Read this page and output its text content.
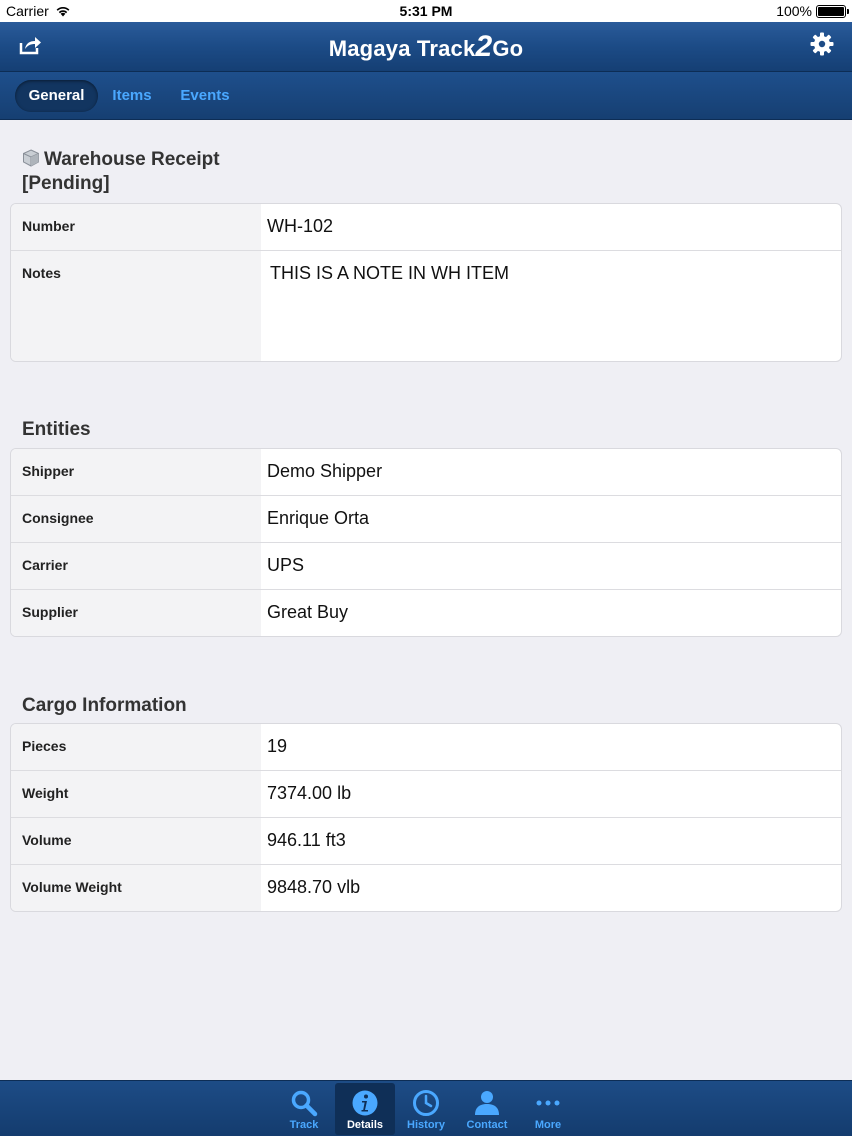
Carrier	5:31 PM	100%
Magaya Track2Go
General	Items	Events
Warehouse Receipt
[Pending]
Number	WH-102
Notes	THIS IS A NOTE IN WH ITEM
Entities
Shipper	Demo Shipper
Consignee	Enrique Orta
Carrier	UPS
Supplier	Great Buy
Cargo Information
Pieces	19
Weight	7374.00 lb
Volume	946.11 ft3
Volume Weight	9848.70 vlb
Track	Details	History	Contact	More
